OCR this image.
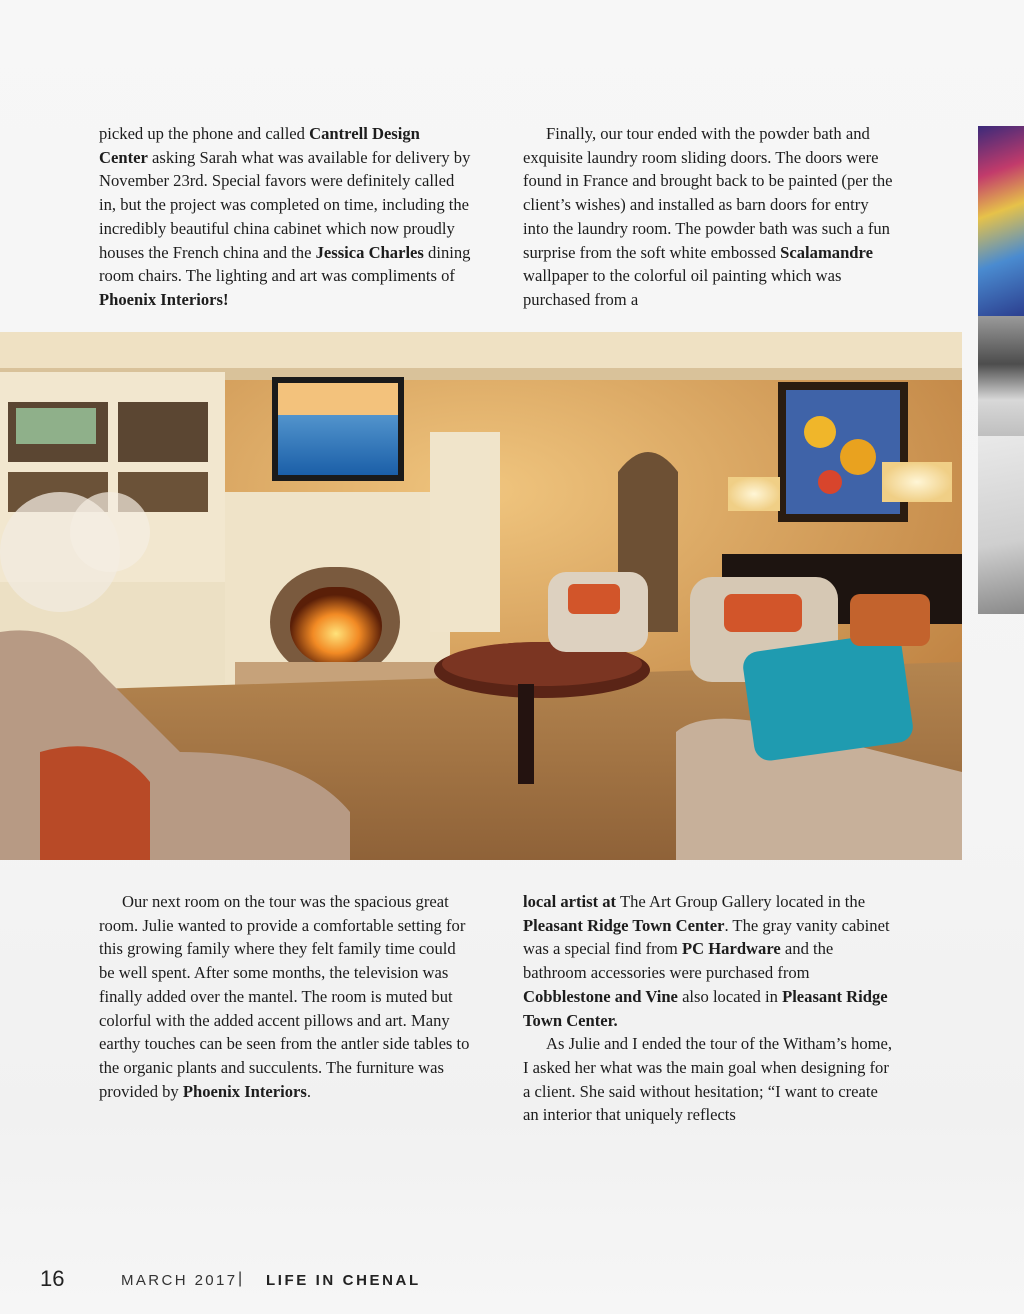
picked up the phone and called Cantrell Design Center asking Sarah what was available for delivery by November 23rd. Special favors were definitely called in, but the project was completed on time, including the incredibly beautiful china cabinet which now proudly houses the French china and the Jessica Charles dining room chairs. The lighting and art was compliments of Phoenix Interiors!

Finally, our tour ended with the powder bath and exquisite laundry room sliding doors. The doors were found in France and brought back to be painted (per the client’s wishes) and installed as barn doors for entry into the laundry room. The powder bath was such a fun surprise from the soft white embossed Scalamandre wallpaper to the colorful oil painting which was purchased from a

Our next room on the tour was the spacious great room. Julie wanted to provide a comfortable setting for this growing family where they felt family time could be well spent. After some months, the television was finally added over the mantel. The room is muted but colorful with the added accent pillows and art. Many earthy touches can be seen from the antler side tables to the organic plants and succulents. The furniture was provided by Phoenix Interiors.

local artist at The Art Group Gallery located in the Pleasant Ridge Town Center. The gray vanity cabinet was a special find from PC Hardware and the bathroom accessories were purchased from Cobblestone and Vine also located in Pleasant Ridge Town Center.

As Julie and I ended the tour of the Witham’s home, I asked her what was the main goal when designing for a client. She said without hesitation; “I want to create an interior that uniquely reflects

16	MARCH 2017 | LIFE IN CHENAL
